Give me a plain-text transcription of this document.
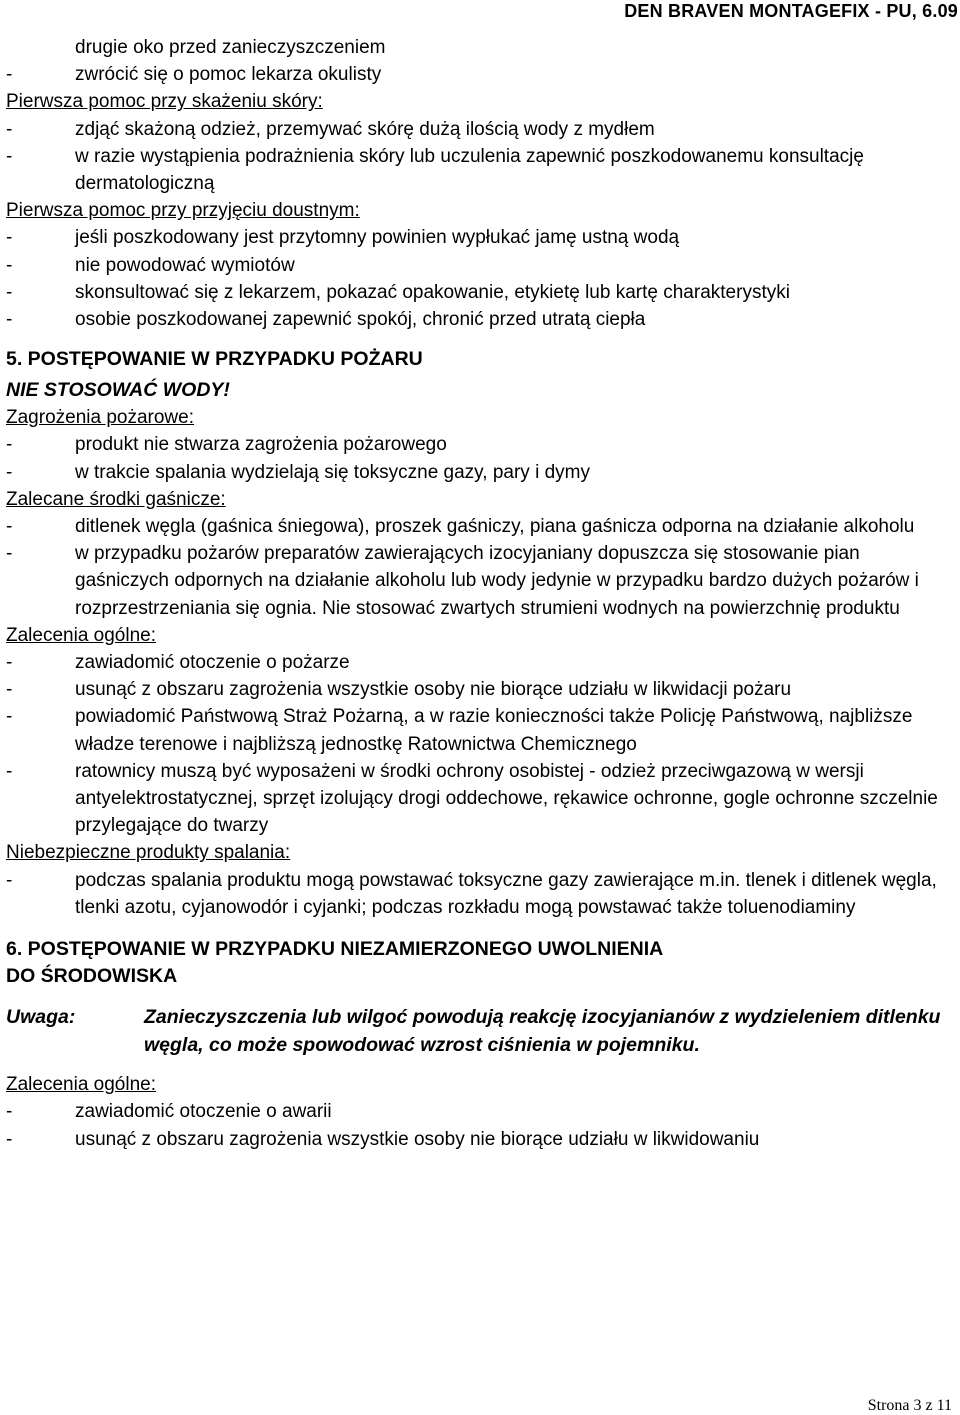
DEN BRAVEN MONTAGEFIX - PU, 6.09
drugie oko przed zanieczyszczeniem
-	zwrócić się o pomoc lekarza okulisty
Pierwsza pomoc przy skażeniu skóry:
-	zdjąć skażoną odzież, przemywać skórę dużą ilością wody z mydłem
-	w razie wystąpienia podrażnienia skóry lub uczulenia zapewnić poszkodowanemu konsultację dermatologiczną
Pierwsza pomoc przy przyjęciu doustnym:
-	jeśli poszkodowany jest przytomny powinien wypłukać jamę ustną wodą
-	nie powodować wymiotów
-	skonsultować się z lekarzem, pokazać opakowanie, etykietę lub kartę charakterystyki
-	osobie poszkodowanej zapewnić spokój, chronić przed utratą ciepła
5. POSTĘPOWANIE W PRZYPADKU POŻARU
NIE STOSOWAĆ WODY!
Zagrożenia pożarowe:
-	produkt nie stwarza zagrożenia pożarowego
-	w trakcie spalania wydzielają się toksyczne gazy, pary i dymy
Zalecane środki gaśnicze:
-	ditlenek węgla (gaśnica śniegowa), proszek gaśniczy, piana gaśnicza odporna na działanie alkoholu
-	w przypadku pożarów preparatów zawierających izocyjaniany dopuszcza się stosowanie pian gaśniczych odpornych na działanie alkoholu lub wody jedynie w przypadku bardzo dużych pożarów i rozprzestrzeniania się ognia. Nie stosować zwartych strumieni wodnych na powierzchnię produktu
Zalecenia ogólne:
-	zawiadomić otoczenie o pożarze
-	usunąć z obszaru zagrożenia wszystkie osoby nie biorące udziału w likwidacji pożaru
-	powiadomić Państwową Straż Pożarną, a w razie konieczności także Policję Państwową, najbliższe władze terenowe i najbliższą jednostkę Ratownictwa Chemicznego
-	ratownicy muszą być wyposażeni w środki ochrony osobistej - odzież przeciwgazową w wersji antyelektrostatycznej, sprzęt izolujący drogi oddechowe, rękawice ochronne, gogle ochronne szczelnie przylegające do twarzy
Niebezpieczne produkty spalania:
-	podczas spalania produktu mogą powstawać toksyczne gazy zawierające m.in. tlenek i ditlenek węgla, tlenki azotu, cyjanowodór i cyjanki; podczas rozkładu mogą powstawać także toluenodiaminy
6. POSTĘPOWANIE W PRZYPADKU NIEZAMIERZONEGO UWOLNIENIA
DO ŚRODOWISKA
Uwaga:	Zanieczyszczenia lub wilgoć powodują reakcję izocyjanianów z wydzieleniem ditlenku węgla, co może spowodować wzrost ciśnienia w pojemniku.
Zalecenia ogólne:
-	zawiadomić otoczenie o awarii
-	usunąć z obszaru zagrożenia wszystkie osoby nie biorące udziału w likwidowaniu
Strona 3 z 11
